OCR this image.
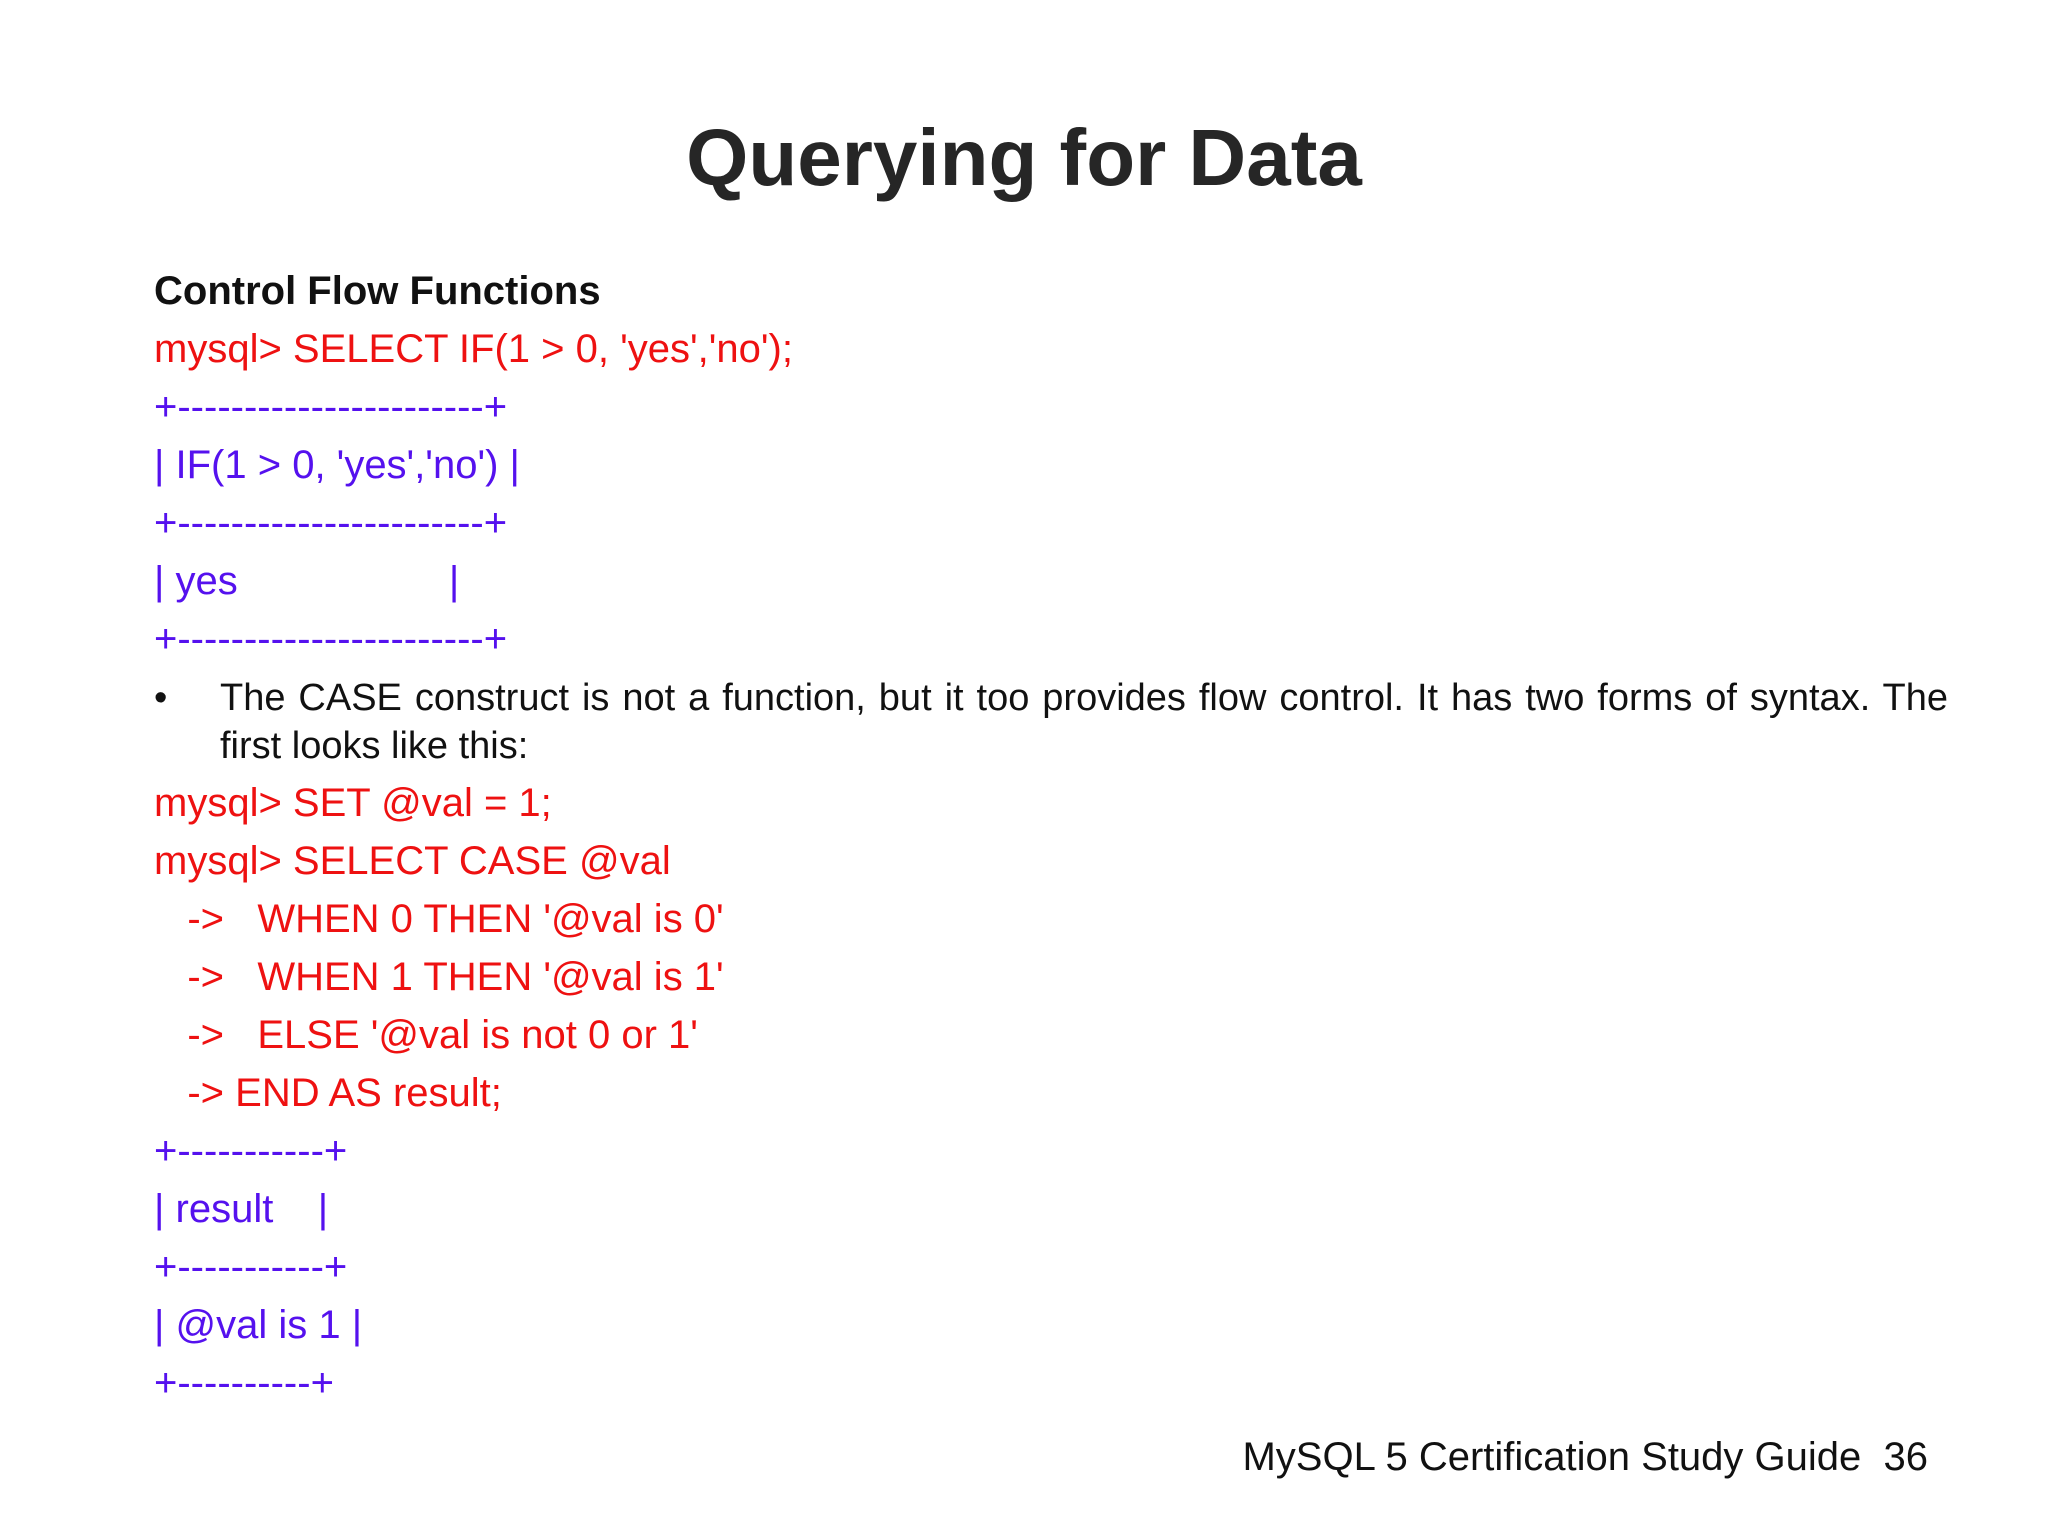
Querying for Data
Control Flow Functions
mysql> SELECT IF(1 > 0, 'yes','no');
+-----------------------+
| IF(1 > 0, 'yes','no') |
+-----------------------+
| yes                   |
+-----------------------+
•	The CASE construct is not a function, but it too provides flow control. It has two forms of syntax. The first looks like this:
mysql> SET @val = 1;
mysql> SELECT CASE @val
->   WHEN 0 THEN '@val is 0'
->   WHEN 1 THEN '@val is 1'
->   ELSE '@val is not 0 or 1'
-> END AS result;
+-----------+
| result    |
+-----------+
| @val is 1 |
+----------+
MySQL 5 Certification Study Guide  36
